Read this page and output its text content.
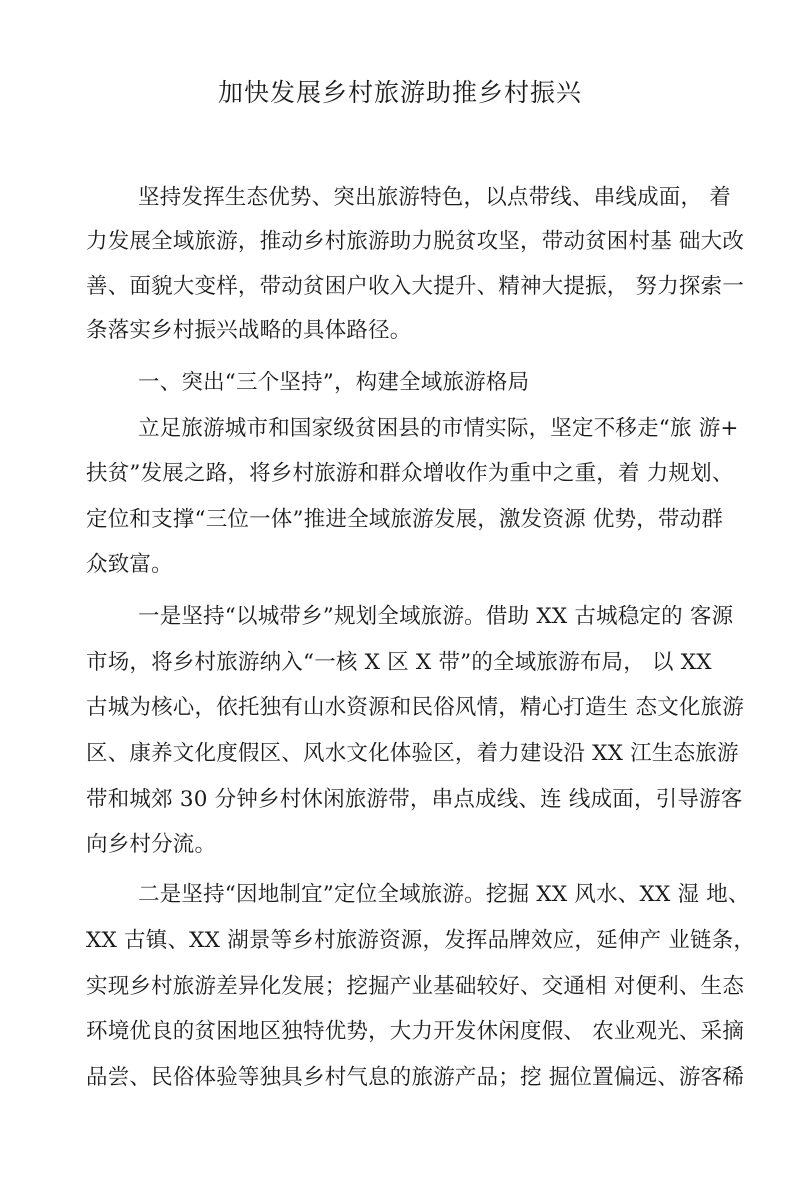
加快发展乡村旅游助推乡村振兴
坚持发挥生态优势、突出旅游特色，以点带线、串线成面， 着
力发展全域旅游，推动乡村旅游助力脱贫攻坚，带动贫困村基 础大改
善、面貌大变样，带动贫困户收入大提升、精神大提振， 努力探索一
条落实乡村振兴战略的具体路径。
一、突出“三个坚持”，构建全域旅游格局
立足旅游城市和国家级贫困县的市情实际，坚定不移走“旅 游+
扶贫”发展之路，将乡村旅游和群众增收作为重中之重，着 力规划、
定位和支撑“三位一体”推进全域旅游发展，激发资源 优势，带动群
众致富。
一是坚持“以城带乡”规划全域旅游。借助 XX 古城稳定的 客源
市场，将乡村旅游纳入“一核 X 区 X 带”的全域旅游布局， 以 XX
古城为核心，依托独有山水资源和民俗风情，精心打造生 态文化旅游
区、康养文化度假区、风水文化体验区，着力建设沿 XX 江生态旅游
带和城郊 30 分钟乡村休闲旅游带，串点成线、连 线成面，引导游客
向乡村分流。
二是坚持“因地制宜”定位全域旅游。挖掘 XX 风水、XX 湿 地、
XX 古镇、XX 湖景等乡村旅游资源，发挥品牌效应，延伸产 业链条，
实现乡村旅游差异化发展；挖掘产业基础较好、交通相 对便利、生态
环境优良的贫困地区独特优势，大力开发休闲度假、 农业观光、采摘
品尝、民俗体验等独具乡村气息的旅游产品；挖 掘位置偏远、游客稀
